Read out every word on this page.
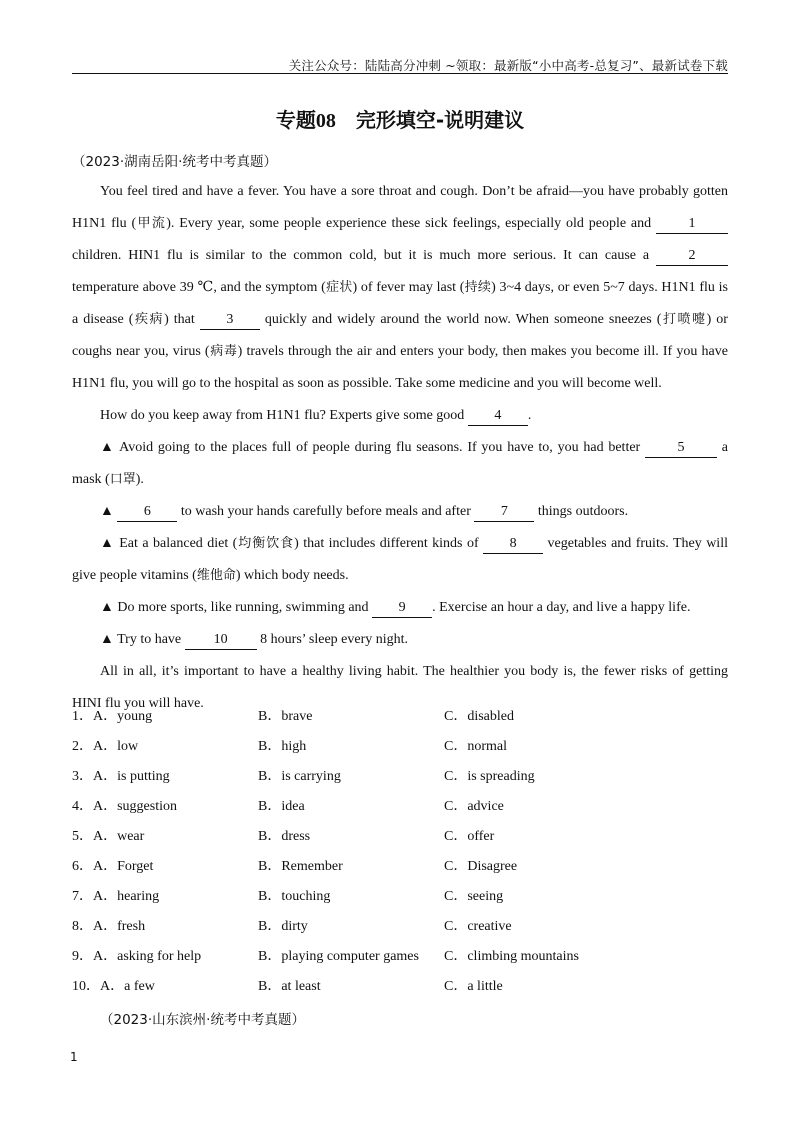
关注公众号：陆陆高分冲刺 ~领取：最新版“小中高考-总复习”、最新试卷下载
专题08　完形填空-说明建议
（2023·湖南岳阳·统考中考真题）

You feel tired and have a fever. You have a sore throat and cough. Don’t be afraid—you have probably gotten H1N1 flu (甲流). Every year, some people experience these sick feelings, especially old people and 1 children. HIN1 flu is similar to the common cold, but it is much more serious. It can cause a 2 temperature above 39 ℃, and the symptom (症状) of fever may last (持续) 3~4 days, or even 5~7 days. H1N1 flu is a disease (疾病) that 3 quickly and widely around the world now. When someone sneezes (打喷嚏) or coughs near you, virus (病毒) travels through the air and enters your body, then makes you become ill. If you have H1N1 flu, you will go to the hospital as soon as possible. Take some medicine and you will become well.

How do you keep away from H1N1 flu? Experts give some good 4 .

▲ Avoid going to the places full of people during flu seasons. If you have to, you had better 5 a mask (口罩).

▲ 6 to wash your hands carefully before meals and after 7 things outdoors.

▲ Eat a balanced diet (均衡饮食) that includes different kinds of 8 vegetables and fruits. They will give people vitamins (维他命) which body needs.

▲ Do more sports, like running, swimming and 9 . Exercise an hour a day, and live a happy life.

▲ Try to have 10 8 hours’ sleep every night.

All in all, it’s important to have a healthy living habit. The healthier you body is, the fewer risks of getting HINI flu you will have.

1．A．young	B．brave	C．disabled
2．A．low	B．high	C．normal
3．A．is putting	B．is carrying	C．is spreading
4．A．suggestion	B．idea	C．advice
5．A．wear	B．dress	C．offer
6．A．Forget	B．Remember	C．Disagree
7．A．hearing	B．touching	C．seeing
8．A．fresh	B．dirty	C．creative
9．A．asking for help	B．playing computer games C．climbing mountains
10．A．a few	B．at least	C．a little
（2023·山东滨州·统考中考真题）
1
